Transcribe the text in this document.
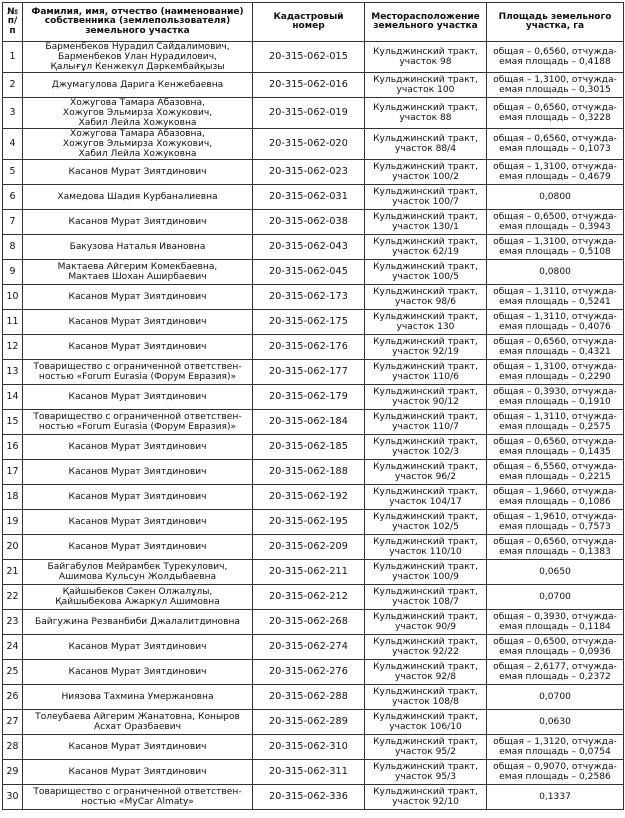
№
п/п	Фамилия, имя, отчество (наименование)
собственника (землепользователя)
земельного участка	Кадастровый
номер	Месторасположение
земельного участка	Площадь земельного
участка, га

1	Барменбеков Нурадил Сайдалимович,
Барменбеков Улан Нурадилович,
Қалығұл Кенжекүл Дәркембайқызы	20-315-062-015	Кульджинский тракт,
участок 98	общая – 0,6560, отчужда-
емая площадь – 0,4188

2	Джумагулова Дарига Кенжебаевна	20-315-062-016	Кульджинский тракт,
участок 100	общая – 1,3100, отчужда-
емая площадь – 0,3015

3	Хожугова Тамара Абазовна,
Хожугов Эльмирза Хожукович,
Хабил Лейла Хожуковна	20-315-062-019	Кульджинский тракт,
участок 88	общая – 0,6560, отчужда-
емая площадь – 0,3228

4	Хожугова Тамара Абазовна,
Хожугов Эльмирза Хожукович,
Хабил Лейла Хожуковна	20-315-062-020	Кульджинский тракт,
участок 88/4	общая – 0,6560, отчужда-
емая площадь – 0,1073

5	Касанов Мурат Зиятдинович	20-315-062-023	Кульджинский тракт,
участок 100/2	общая – 1,3100, отчужда-
емая площадь – 0,4679

6	Хамедова Шадия Курбаналиевна	20-315-062-031	Кульджинский тракт,
участок 100/7	0,0800

7	Касанов Мурат Зиятдинович	20-315-062-038	Кульджинский тракт,
участок 130/1	общая – 0,6500, отчужда-
емая площадь – 0,3943

8	Бакузова Наталья Ивановна	20-315-062-043	Кульджинский тракт,
участок 62/19	общая – 1,3100, отчужда-
емая площадь – 0,5108

9	Мактаева Айгерим Комекбаевна,
Мактаев Шохан Аширбаевич	20-315-062-045	Кульджинский тракт,
участок 100/5	0,0800

10	Касанов Мурат Зиятдинович	20-315-062-173	Кульджинский тракт,
участок 98/6	общая – 1,3110, отчужда-
емая площадь – 0,5241

11	Касанов Мурат Зиятдинович	20-315-062-175	Кульджинский тракт,
участок 130	общая – 1,3110, отчужда-
емая площадь – 0,4076

12	Касанов Мурат Зиятдинович	20-315-062-176	Кульджинский тракт,
участок 92/19	общая – 0,6560, отчужда-
емая площадь – 0,4321

13	Товарищество с ограниченной ответствен-
ностью «Forum Eurasia (Форум Евразия)»	20-315-062-177	Кульджинский тракт,
участок 110/6	общая – 1,3100, отчужда-
емая площадь – 0,2290

14	Касанов Мурат Зиятдинович	20-315-062-179	Кульджинский тракт,
участок 90/12	общая – 0,3930, отчужда-
емая площадь – 0,1910

15	Товарищество с ограниченной ответствен-
ностью «Forum Eurasia (Форум Евразия)»	20-315-062-184	Кульджинский тракт,
участок 110/7	общая – 1,3110, отчужда-
емая площадь – 0,2575

16	Касанов Мурат Зиятдинович	20-315-062-185	Кульджинский тракт,
участок 102/3	общая – 0,6560, отчужда-
емая площадь – 0,1435

17	Касанов Мурат Зиятдинович	20-315-062-188	Кульджинский тракт,
участок 96/2	общая – 6,5560, отчужда-
емая площадь – 0,2215

18	Касанов Мурат Зиятдинович	20-315-062-192	Кульджинский тракт,
участок 104/17	общая – 1,9660, отчужда-
емая площадь – 0,1086

19	Касанов Мурат Зиятдинович	20-315-062-195	Кульджинский тракт,
участок 102/5	общая – 1,9610, отчужда-
емая площадь – 0,7573

20	Касанов Мурат Зиятдинович	20-315-062-209	Кульджинский тракт,
участок 110/10	общая – 0,6560, отчужда-
емая площадь – 0,1383

21	Байгабулов Мейрамбек Турекулович,
Ашимова Кульсун Жолдыбаевна	20-315-062-211	Кульджинский тракт,
участок 100/9	0,0650

22	Қайшыбеков Сәкен Олжалұлы,
Қайшыбекова Ажаркул Ашимовна	20-315-062-212	Кульджинский тракт,
участок 108/7	0,0700

23	Байгужина Резванбиби Джалалитдиновна	20-315-062-268	Кульджинский тракт,
участок 90/9	общая – 0,3930, отчужда-
емая площадь – 0,1184

24	Касанов Мурат Зиятдинович	20-315-062-274	Кульджинский тракт,
участок 92/22	общая – 0,6500, отчужда-
емая площадь – 0,0936

25	Касанов Мурат Зиятдинович	20-315-062-276	Кульджинский тракт,
участок 92/8	общая – 2,6177, отчужда-
емая площадь – 0,2372

26	Ниязова Тахмина Умержановна	20-315-062-288	Кульджинский тракт,
участок 108/8	0,0700

27	Толеубаева Айгерим Жанатовна, Коныров
Асхат Оразбаевич	20-315-062-289	Кульджинский тракт,
участок 106/10	0,0630

28	Касанов Мурат Зиятдинович	20-315-062-310	Кульджинский тракт,
участок 95/2	общая – 1,3120, отчужда-
емая площадь – 0,0754

29	Касанов Мурат Зиятдинович	20-315-062-311	Кульджинский тракт,
участок 95/3	общая – 0,9070, отчужда-
емая площадь – 0,2586

30	Товарищество с ограниченной ответствен-
ностью «MyCar Almaty»	20-315-062-336	Кульджинский тракт,
участок 92/10	0,1337
